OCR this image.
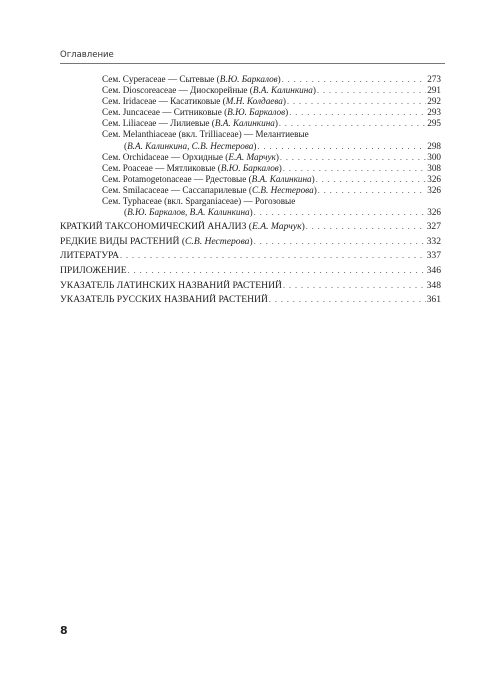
Оглавление
Сем. Cyperaceae — Сытевые (В.Ю. Баркалов) . . .	273
Сем. Dioscoreaceae — Диоскорейные (В.А. Калинкина) . . .	291
Сем. Iridaceae — Касатиковые (М.Н. Колдаева) . . .	292
Сем. Juncaceae — Ситниковые (В.Ю. Баркалов) . . .	293
Сем. Liliaceae — Лилиевые (В.А. Калинкина) . . .	295
Сем. Melanthiaceae (вкл. Trilliaceae) — Мелантиевые
(В.А. Калинкина, С.В. Нестерова) . . .	298
Сем. Orchidaceae — Орхидные (Е.А. Марчук) . . .	300
Сем. Poaceae — Мятликовые (В.Ю. Баркалов) . . .	308
Сем. Potamogetonaceae — Рдестовые (В.А. Калинкина) . . .	326
Сем. Smilacaceae — Сассапарилевые (С.В. Нестерова) . . .	326
Сем. Typhaceae (вкл. Sparganiaceae) — Рогозовые
(В.Ю. Баркалов, В.А. Калинкина) . . .	326
КРАТКИЙ ТАКСОНОМИЧЕСКИЙ АНАЛИЗ (Е.А. Марчук) . . .	327
РЕДКИЕ ВИДЫ РАСТЕНИЙ (С.В. Нестерова) . . .	332
ЛИТЕРАТУРА . . .	337
ПРИЛОЖЕНИЕ . . .	346
УКАЗАТЕЛЬ ЛАТИНСКИХ НАЗВАНИЙ РАСТЕНИЙ . . .	348
УКАЗАТЕЛЬ РУССКИХ НАЗВАНИЙ РАСТЕНИЙ . . .	361
8
